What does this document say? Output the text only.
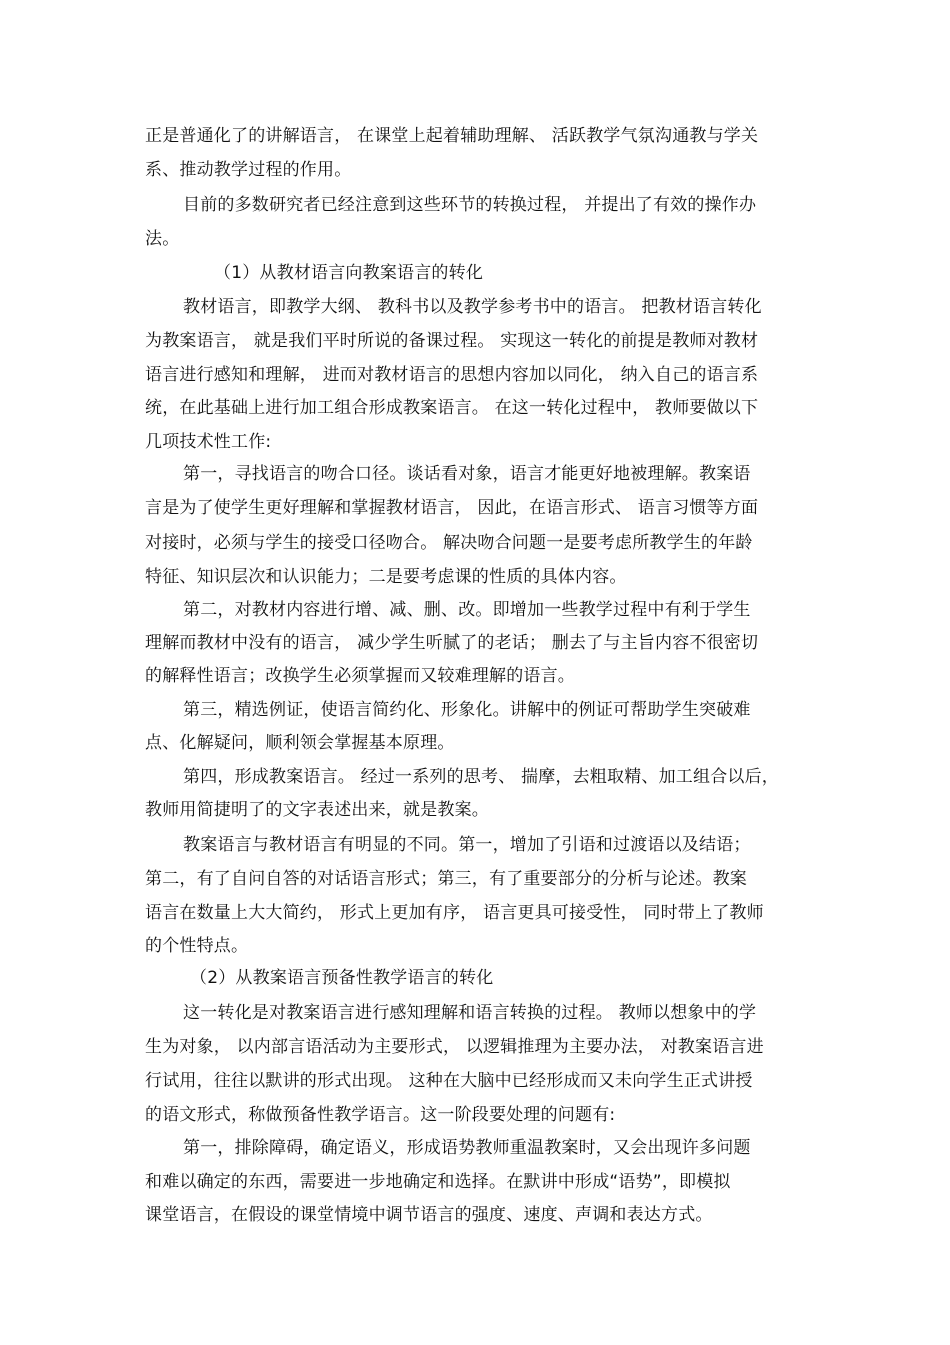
正是普通化了的讲解语言， 在课堂上起着辅助理解、 活跃教学气氛沟通教与学关
系、推动教学过程的作用。
目前的多数研究者已经注意到这些环节的转换过程， 并提出了有效的操作办
法。
（1）从教材语言向教案语言的转化
教材语言，即教学大纲、 教科书以及教学参考书中的语言。 把教材语言转化
为教案语言， 就是我们平时所说的备课过程。 实现这一转化的前提是教师对教材
语言进行感知和理解， 进而对教材语言的思想内容加以同化， 纳入自己的语言系
统，在此基础上进行加工组合形成教案语言。 在这一转化过程中， 教师要做以下
几项技术性工作:
第一，寻找语言的吻合口径。谈话看对象，语言才能更好地被理解。教案语
言是为了使学生更好理解和掌握教材语言， 因此，在语言形式、 语言习惯等方面
对接时，必须与学生的接受口径吻合。 解决吻合问题一是要考虑所教学生的年龄
特征、知识层次和认识能力；二是要考虑课的性质的具体内容。
第二，对教材内容进行增、减、删、改。即增加一些教学过程中有利于学生
理解而教材中没有的语言， 减少学生听腻了的老话； 删去了与主旨内容不很密切
的解释性语言；改换学生必须掌握而又较难理解的语言。
第三，精选例证，使语言简约化、形象化。讲解中的例证可帮助学生突破难
点、化解疑问，顺利领会掌握基本原理。
第四，形成教案语言。 经过一系列的思考、 揣摩，去粗取精、加工组合以后，
教师用简捷明了的文字表述出来，就是教案。
教案语言与教材语言有明显的不同。第一，增加了引语和过渡语以及结语；
第二，有了自问自答的对话语言形式；第三，有了重要部分的分析与论述。教案
语言在数量上大大简约， 形式上更加有序， 语言更具可接受性， 同时带上了教师
的个性特点。
（2）从教案语言预备性教学语言的转化
这一转化是对教案语言进行感知理解和语言转换的过程。 教师以想象中的学
生为对象， 以内部言语活动为主要形式， 以逻辑推理为主要办法， 对教案语言进
行试用，往往以默讲的形式出现。 这种在大脑中已经形成而又未向学生正式讲授
的语文形式，称做预备性教学语言。这一阶段要处理的问题有:
第一，排除障碍，确定语义，形成语势教师重温教案时，又会出现许多问题
和难以确定的东西，需要进一步地确定和选择。在默讲中形成“语势”，即模拟
课堂语言，在假设的课堂情境中调节语言的强度、速度、声调和表达方式。
